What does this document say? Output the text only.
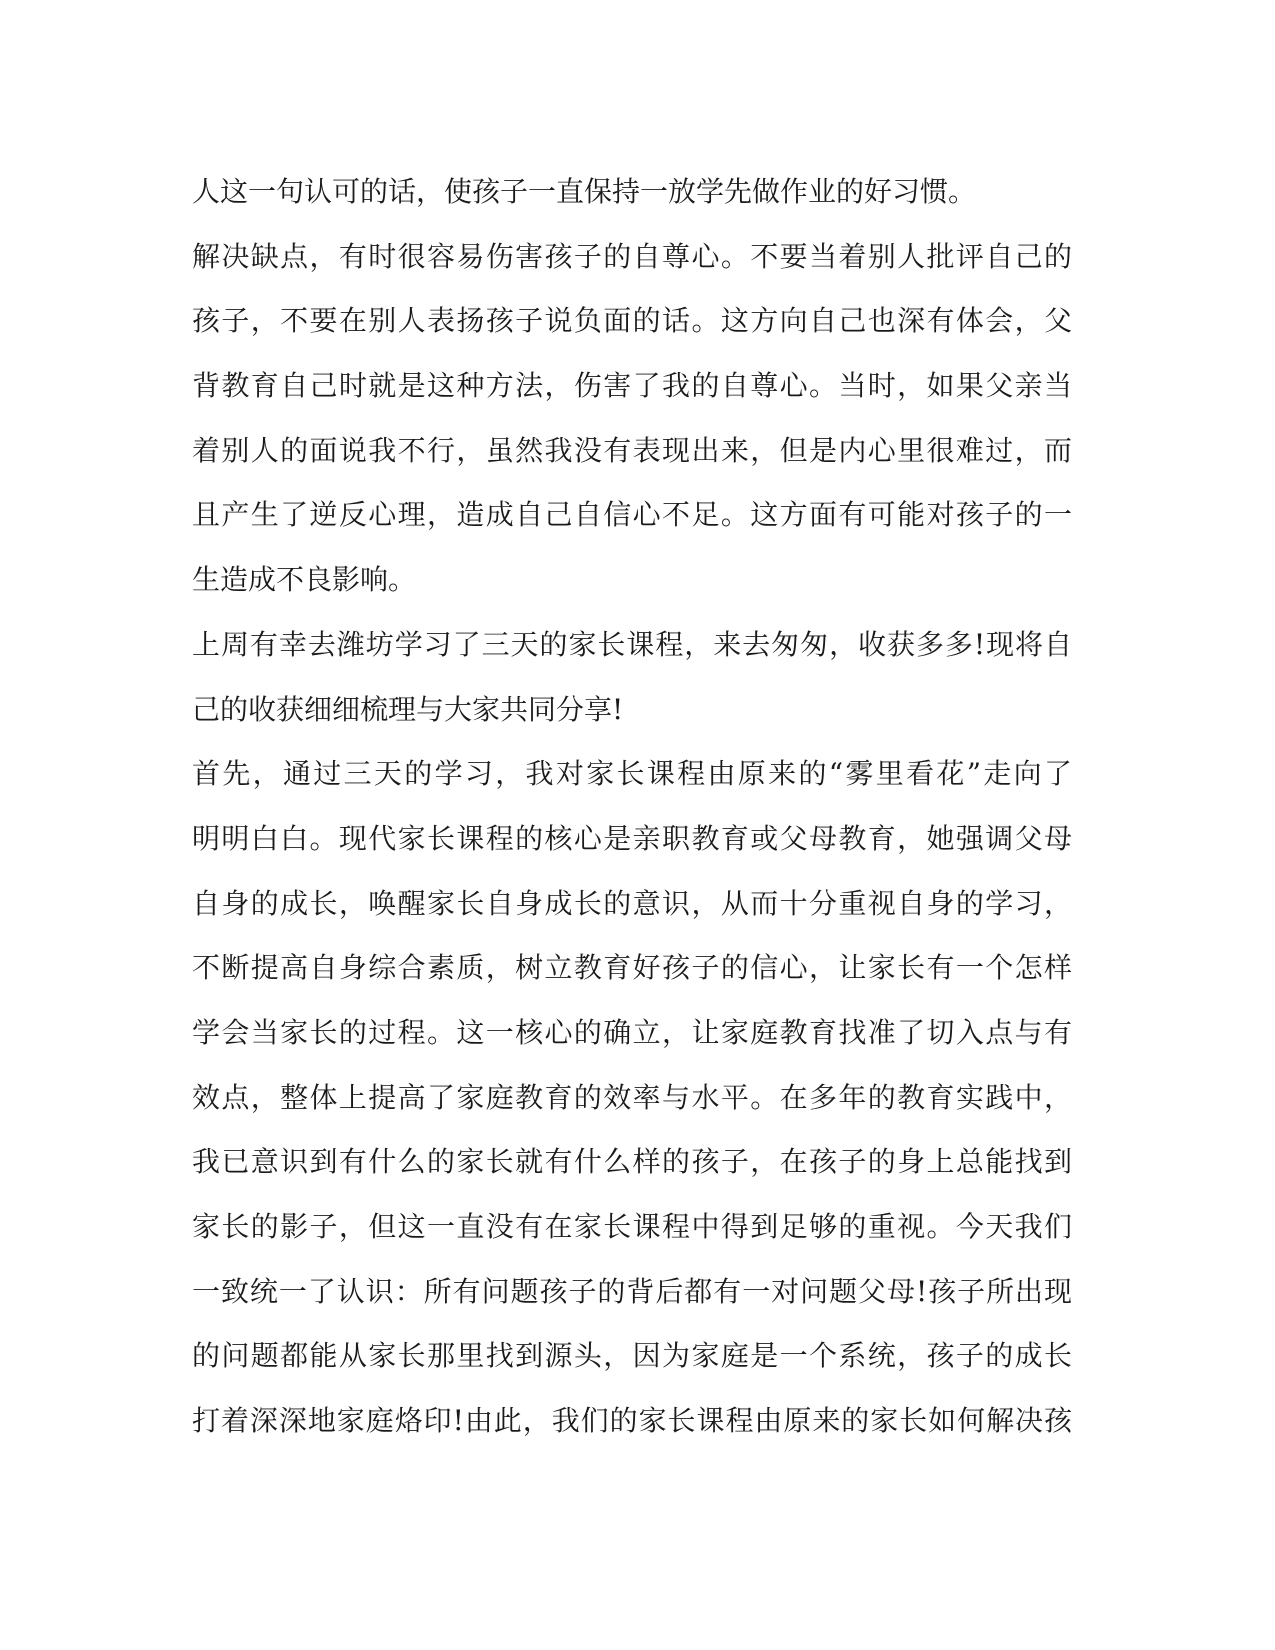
人这一句认可的话，使孩子一直保持一放学先做作业的好习惯。
解决缺点，有时很容易伤害孩子的自尊心。不要当着别人批评自己的
孩子，不要在别人表扬孩子说负面的话。这方向自己也深有体会，父
背教育自己时就是这种方法，伤害了我的自尊心。当时，如果父亲当
着别人的面说我不行，虽然我没有表现出来，但是内心里很难过，而
且产生了逆反心理，造成自己自信心不足。这方面有可能对孩子的一
生造成不良影响。
上周有幸去潍坊学习了三天的家长课程，来去匆匆，收获多多!现将自
己的收获细细梳理与大家共同分享!
首先，通过三天的学习，我对家长课程由原来的“雾里看花”走向了
明明白白。现代家长课程的核心是亲职教育或父母教育，她强调父母
自身的成长，唤醒家长自身成长的意识，从而十分重视自身的学习，
不断提高自身综合素质，树立教育好孩子的信心，让家长有一个怎样
学会当家长的过程。这一核心的确立，让家庭教育找准了切入点与有
效点，整体上提高了家庭教育的效率与水平。在多年的教育实践中，
我已意识到有什么的家长就有什么样的孩子，在孩子的身上总能找到
家长的影子，但这一直没有在家长课程中得到足够的重视。今天我们
一致统一了认识：所有问题孩子的背后都有一对问题父母!孩子所出现
的问题都能从家长那里找到源头，因为家庭是一个系统，孩子的成长
打着深深地家庭烙印!由此，我们的家长课程由原来的家长如何解决孩
